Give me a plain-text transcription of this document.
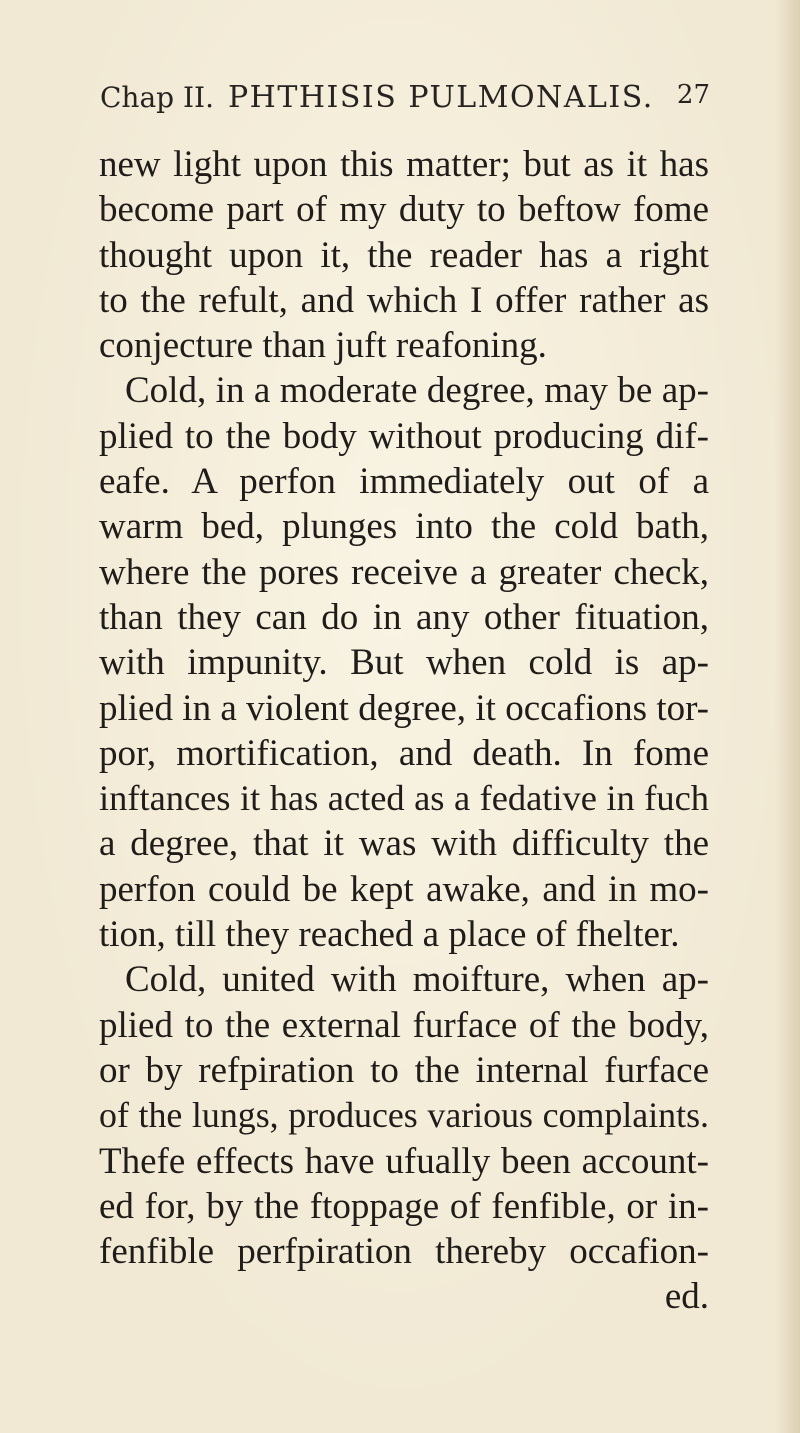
Chap II. PHTHISIS PULMONALIS. 27
new light upon this matter; but as it has
become part of my duty to beftow fome
thought upon it, the reader has a right
to the refult, and which I offer rather as
conjecture than juft reafoning.
Cold, in a moderate degree, may be ap-
plied to the body without producing dif-
eafe. A perfon immediately out of a
warm bed, plunges into the cold bath,
where the pores receive a greater check,
than they can do in any other fituation,
with impunity. But when cold is ap-
plied in a violent degree, it occafions tor-
por, mortification, and death. In fome
inftances it has acted as a fedative in fuch
a degree, that it was with difficulty the
perfon could be kept awake, and in mo-
tion, till they reached a place of fhelter.
Cold, united with moifture, when ap-
plied to the external furface of the body,
or by refpiration to the internal furface
of the lungs, produces various complaints.
Thefe effects have ufually been account-
ed for, by the ftoppage of fenfible, or in-
fenfible perfpiration thereby occafion-
ed.
